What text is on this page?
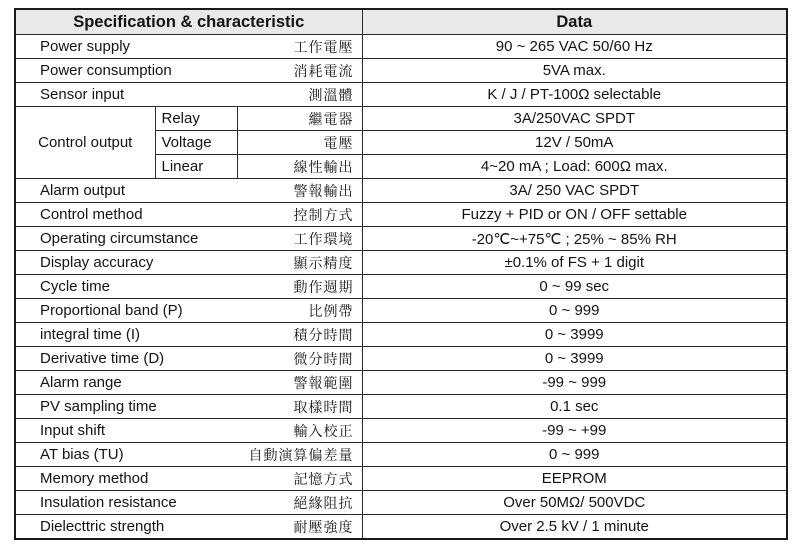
Specification & characteristic			Data
Power supply		工作電壓	90 ~ 265 VAC 50/60 Hz
Power consumption		消耗電流	5VA max.
Sensor input		測溫體	K / J / PT-100Ω selectable
Control output	Relay	繼電器	3A/250VAC SPDT
	Voltage	電壓	12V / 50mA
	Linear	線性輸出	4~20 mA ; Load: 600Ω max.
Alarm output		警報輸出	3A/ 250 VAC SPDT
Control method		控制方式	Fuzzy + PID or ON / OFF settable
Operating circumstance		工作環境	-20℃~+75℃ ; 25% ~ 85% RH
Display accuracy		顯示精度	±0.1% of FS + 1 digit
Cycle time		動作週期	0 ~ 99 sec
Proportional band (P)		比例帶	0 ~ 999
integral time (I)		積分時間	0 ~ 3999
Derivative time (D)		微分時間	0 ~ 3999
Alarm range		警報範圍	-99 ~ 999
PV sampling time		取樣時間	0.1 sec
Input shift		輸入校正	-99 ~ +99
AT bias (TU)		自動演算偏差量	0 ~ 999
Memory method		記憶方式	EEPROM
Insulation resistance		絕緣阻抗	Over 50MΩ/ 500VDC
Dielecttric strength		耐壓強度	Over 2.5 kV / 1 minute
